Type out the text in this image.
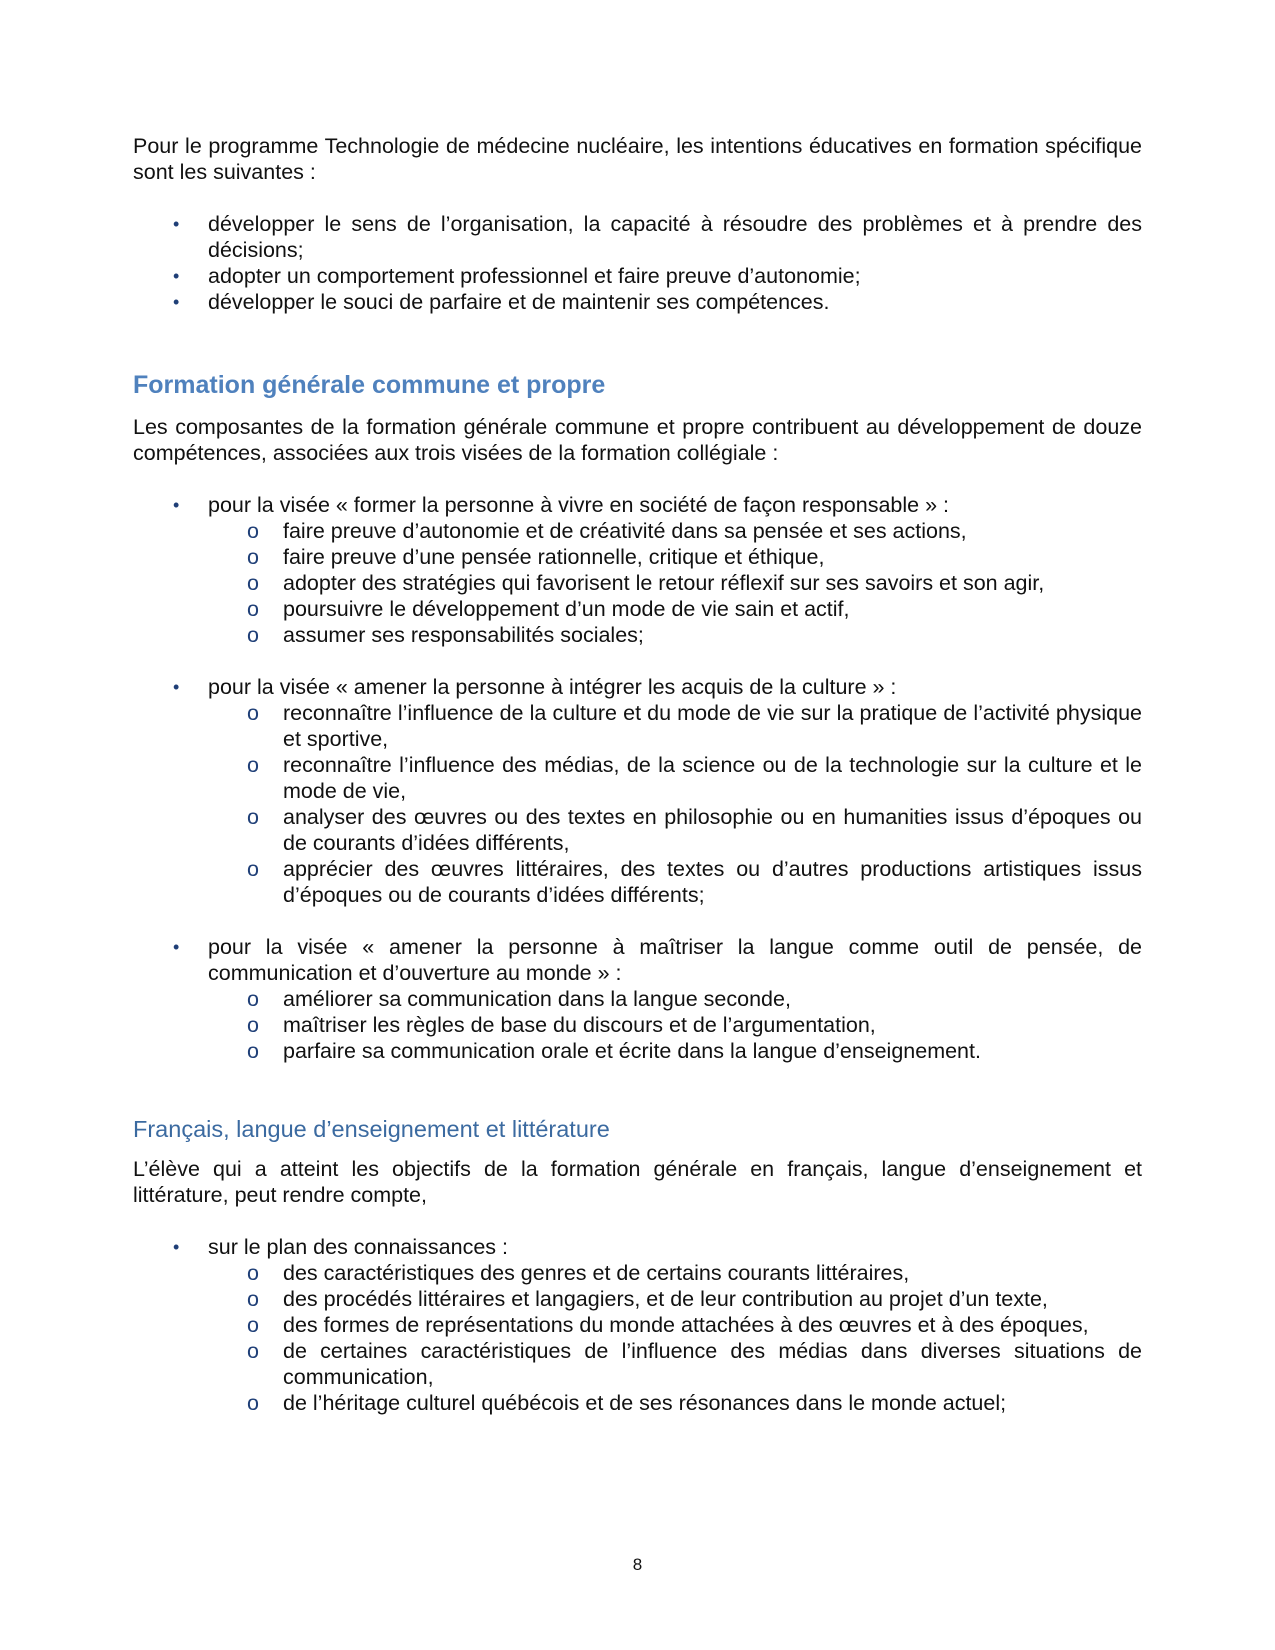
Pour le programme Technologie de médecine nucléaire, les intentions éducatives en formation spécifique sont les suivantes :

• développer le sens de l’organisation, la capacité à résoudre des problèmes et à prendre des décisions;
• adopter un comportement professionnel et faire preuve d’autonomie;
• développer le souci de parfaire et de maintenir ses compétences.
Formation générale commune et propre

Les composantes de la formation générale commune et propre contribuent au développement de douze compétences, associées aux trois visées de la formation collégiale :

• pour la visée « former la personne à vivre en société de façon responsable » :
o faire preuve d’autonomie et de créativité dans sa pensée et ses actions,
o faire preuve d’une pensée rationnelle, critique et éthique,
o adopter des stratégies qui favorisent le retour réflexif sur ses savoirs et son agir,
o poursuivre le développement d’un mode de vie sain et actif,
o assumer ses responsabilités sociales;
• pour la visée « amener la personne à intégrer les acquis de la culture » :
o reconnaître l’influence de la culture et du mode de vie sur la pratique de l’activité physique et sportive,
o reconnaître l’influence des médias, de la science ou de la technologie sur la culture et le mode de vie,
o analyser des œuvres ou des textes en philosophie ou en humanities issus d’époques ou de courants d’idées différents,
o apprécier des œuvres littéraires, des textes ou d’autres productions artistiques issus d’époques ou de courants d’idées différents;
• pour la visée « amener la personne à maîtriser la langue comme outil de pensée, de communication et d’ouverture au monde » :
o améliorer sa communication dans la langue seconde,
o maîtriser les règles de base du discours et de l’argumentation,
o parfaire sa communication orale et écrite dans la langue d’enseignement.
Français, langue d’enseignement et littérature

L’élève qui a atteint les objectifs de la formation générale en français, langue d’enseignement et littérature, peut rendre compte,

• sur le plan des connaissances :
o des caractéristiques des genres et de certains courants littéraires,
o des procédés littéraires et langagiers, et de leur contribution au projet d’un texte,
o des formes de représentations du monde attachées à des œuvres et à des époques,
o de certaines caractéristiques de l’influence des médias dans diverses situations de communication,
o de l’héritage culturel québécois et de ses résonances dans le monde actuel;
8
